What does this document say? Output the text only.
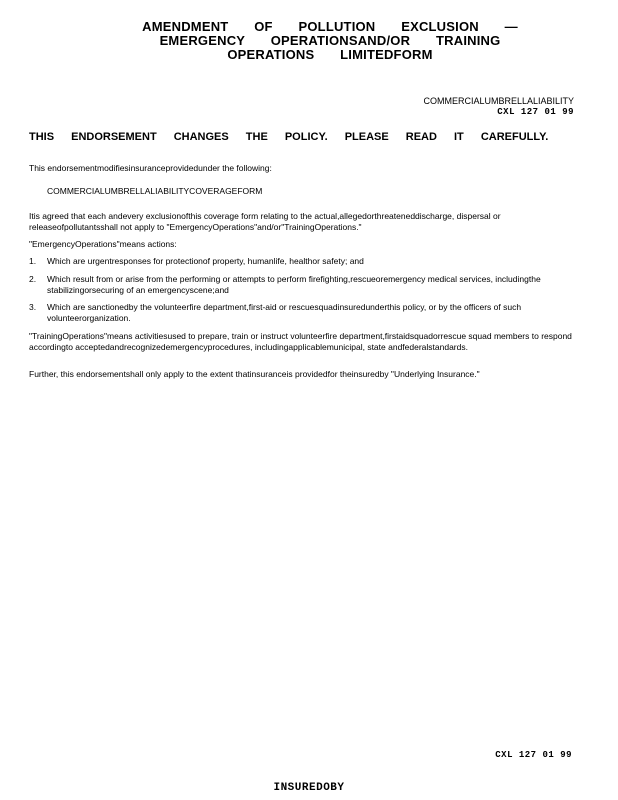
AMENDMENT OF POLLUTION EXCLUSION —
EMERGENCY OPERATIONSAND/OR TRAINING
OPERATIONS LIMITEDFORM
COMMERCIALUMBRELLALIABILITY
CXL 127 01 99
THIS ENDORSEMENT CHANGES THE POLICY. PLEASE READ IT CAREFULLY.
This endorsementmodifiesinsuranceprovidedunder the following:
COMMERCIALUMBRELLALIABILITYCOVERAGEFORM
Itis agreed that each andevery exclusionofthis coverage form relating to the actual,allegedorthreateneddischarge, dispersal or releaseofpollutantsshall not apply to "EmergencyOperations"and/or"TrainingOperations."
"EmergencyOperations"means actions:
1.	Which are urgentresponses for protectionof property, humanlife, healthor safety; and
2.	Which result from or arise from the performing or attempts to perform firefighting,rescueoremergency medical services, includingthe stabilizingorsecuring of an emergencyscene;and
3.	Which are sanctionedby the volunteerfire department,first-aid or rescuesquadinsuredunderthis policy, or by the officers of such volunteerorganization.
"TrainingOperations"means activitiesused to prepare, train or instruct volunteerfire department,firstaidsquadorrescue squad members to respond accordingto acceptedandrecognizedemergencyprocedures, includingapplicablemunicipal, state andfederalstandards.
Further, this endorsementshall only apply to the extent thatinsuranceis providedfor theinsuredby "Underlying Insurance."
CXL 127 01 99
INSUREDOBY
